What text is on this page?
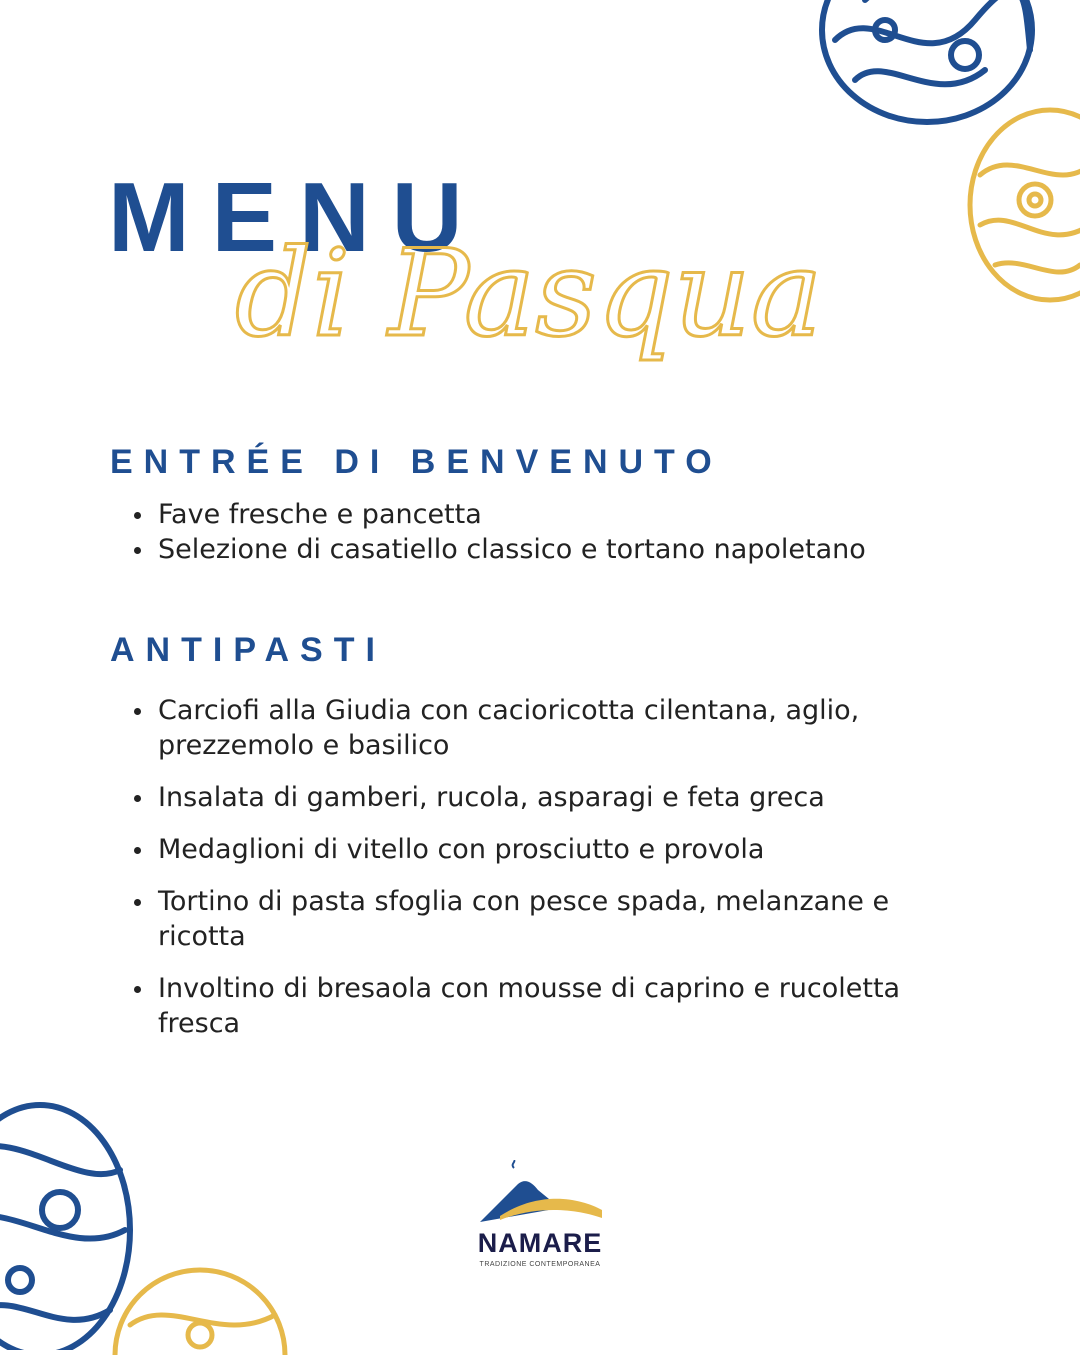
MENU
di Pasqua
ENTRÉE DI BENVENUTO
Fave fresche e pancetta
Selezione di casatiello classico e tortano napoletano
ANTIPASTI
Carciofi alla Giudia con cacioricotta cilentana, aglio, prezzemolo e basilico
Insalata di gamberi, rucola, asparagi e feta greca
Medaglioni di vitello con prosciutto e provola
Tortino di pasta sfoglia con pesce spada, melanzane e ricotta
Involtino di bresaola con mousse di caprino e rucoletta fresca
NAMARE
TRADIZIONE CONTEMPORANEA
